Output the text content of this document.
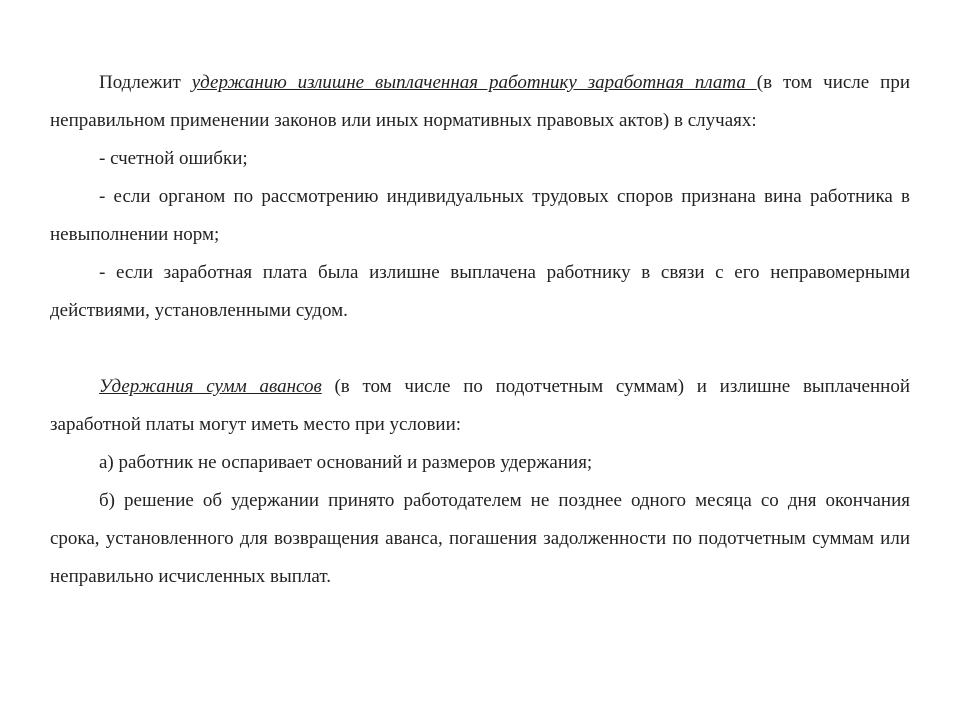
Подлежит удержанию излишне выплаченная работнику заработная плата (в том числе при неправильном применении законов или иных нормативных правовых актов) в случаях:

- счетной ошибки;

- если органом по рассмотрению индивидуальных трудовых споров признана вина работника в невыполнении норм;

- если заработная плата была излишне выплачена работнику в связи с его неправомерными действиями, установленными судом.

Удержания сумм авансов (в том числе по подотчетным суммам) и излишне выплаченной заработной платы могут иметь место при условии:

а) работник не оспаривает оснований и размеров удержания;

б) решение об удержании принято работодателем не позднее одного месяца со дня окончания срока, установленного для возвращения аванса, погашения задолженности по подотчетным суммам или неправильно исчисленных выплат.
